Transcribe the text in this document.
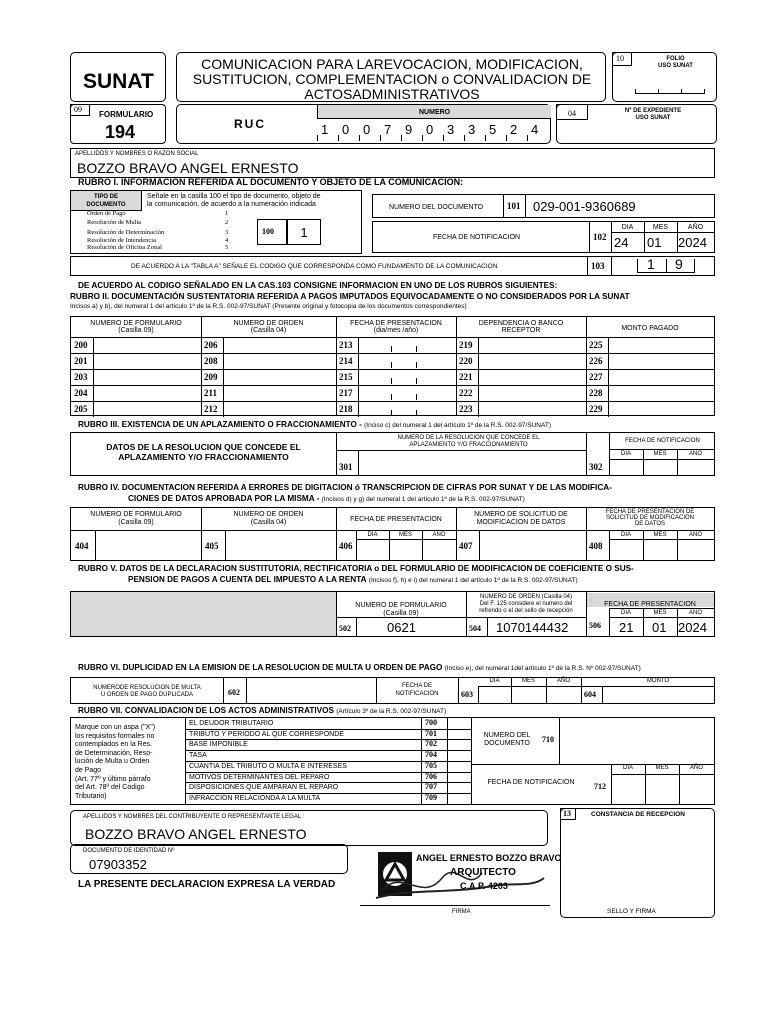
SUNAT
09
FORMULARIO
194
COMUNICACION PARA LAREVOCACION, MODIFICACION,
SUSTITUCION, COMPLEMENTACION o CONVALIDACION DE
ACTOSADMINISTRATIVOS
10	FOLIO
USO SUNAT
RUC
NUMERO
1 0 0 7 9 0 3 3 5 2 4
04	Nº DE EXPEDIENTE
USO SUNAT
APELLIDOS Y NOMBRES O RAZON SOCIAL
BOZZO BRAVO ANGEL ERNESTO
RUBRO I. INFORMACION REFERIDA AL DOCUMENTO Y OBJETO DE LA COMUNICACION:
TIPO DE
DOCUMENTO
Señale en la casilla 100 el tipo de documento, objeto de
la comunicación, de acuerdo a la numeración indicada
Orden de Pago	1
Resolución de Multa	2
Resolución de Determinación	3
Resolución de Intendencia	4
Resolución de Oficina Zonal	5
100	1
NUMERO DEL DOCUMENTO	101 029-001-9360689
FECHA DE NOTIFICACION	102
DIA	MES	AÑO
24 01 2024
DE ACUERDO A LA "TABLA A" SEÑALE EL CODIGO QUE CORRESPONDA COMO FUNDAMENTO DE LA COMUNICACION	103	1 9
DE ACUERDO AL CODIGO SEÑALADO EN LA CAS.103 CONSIGNE INFORMACION EN UNO DE LOS RUBROS SIGUIENTES:
RUBRO II. DOCUMENTACIÓN SUSTENTATORIA REFERIDA A PAGOS IMPUTADOS EQUIVOCADAMENTE O NO CONSIDERADOS POR LA SUNAT
Incisos a) y b), del numeral 1 del artículo 1º de la R.S. 002-97/SUNAT (Presente original y fotocopia de los documentos correspondientes)
NUMERO DE FORMULARIO
(Casilla 09)
NUMERO DE ORDEN
(Casilla 04)
FECHA DE PRESENTACION
(dia/mes /año)
DEPENDENCIA O BANCO
RECEPTOR	MONTO PAGADO
200	206	213	219	225
201	208	214	220	226
203	209	215	221	227
204	211	217	222	228
205	212	218	223	229
RUBRO III. EXISTENCIA DE UN APLAZAMIENTO O FRACCIONAMIENTO - (Inciso c) del numeral 1 del artículo 1º de la R.S. 002-97/SUNAT)
DATOS DE LA RESOLUCION QUE CONCEDE EL
APLAZAMIENTO Y/O FRACCIONAMIENTO
NUMERO DE LA RESOLUCION QUE CONCEDE EL
APLAZAMIENTO Y/O FRACCIONAMIENTO
301
FECHA DE NOTIFICACION
302
DIA	MES	AÑO
RUBRO IV. DOCUMENTACION REFERIDA A ERRORES DE DIGITACION ó TRANSCRIPCION DE CIFRAS POR SUNAT Y DE LAS MODIFICA-
CIONES DE DATOS APROBADA POR LA MISMA - (Incisos d) y g) del numeral 1 del artículo 1º de la R.S. 002-97/SUNAT)
NUMERO DE FORMULARIO
(Casilla 09)
NUMERO DE ORDEN
(Casilla 04)	FECHA DE PRESENTACION
NUMERO DE SOLICITUD DE
MODIFICACION DE DATOS
FECHA DE PRESENTACION DE
SOLICITUD DE MODIFICACION
DE DATOS
DIA	MES	AÑO	DIA	MES	AÑO
404	405	406	407	408
RUBRO V. DATOS DE LA DECLARACION SUSTITUTORIA, RECTIFICATORIA o DEL FORMULARIO DE MODIFICACION DE COEFICIENTE O SUS-
PENSION DE PAGOS A CUENTA DEL IMPUESTO A LA RENTA (Incisos f), h) e i) del numeral 1 del artículo 1º de la R.S. 002-97/SUNAT)
NUMERO DE FORMULARIO
(Casilla 09)
NUMERO DE ORDEN (Casilla 04)
Del F. 125 considere el numero del
refrendo o el del sello de recepción
FECHA DE PRESENTACION
DIA	MES	AÑO
502	0621	504 1070144432	506 21 01 2024
RUBRO VI. DUPLICIDAD EN LA EMISION DE LA RESOLUCION DE MULTA U ORDEN DE PAGO (Inciso e), del numeral 1del artículo 1º de la R.S. Nº 002-97/SUNAT)
NUMERODE RESOLUCION DE MULTA
U ORDEN DE PAGO DUPLICADA	602
FECHA DE
NOTIFICACION	603
DIA	MES	AÑO
604
MONTO
RUBRO VII. CONVALIDACION DE LOS ACTOS ADMINISTRATIVOS (Artículo 3º de la R.S. 002-97/SUNAT)
Marque con un aspa ("X")
los requisitos formales no
contemplados en la Res.
de Determinación, Reso-
lución de Multa u Orden
de Pago
(Art. 77º y último párrafo
del Art. 78º del Codigo
Tributario)
EL DEUDOR TRIBUTARIO	700
TRIBUTO Y PERIODO AL QUE CORRESPONDE	701
BASE IMPONIBLE	702
TASA	704
CUANTIA DEL TRIBUTO O MULTA E INTERESES	705
MOTIVOS DETERMINANTES DEL REPARO	706
DISPOSICIONES QUE AMPARAN EL REPARO	707
INFRACCION RELACIONDA A LA MULTA	709
NUMERO DEL
DOCUMENTO	710
FECHA DE NOTIFICACION	712
DIA	MES	AÑO
APELLIDOS Y NOMBRES DEL CONTRIBUYENTE O REPRESENTANTE LEGAL :
BOZZO BRAVO ANGEL ERNESTO
DOCUMENTO DE IDENTIDAD Nº
07903352
LA PRESENTE DECLARACION EXPRESA LA VERDAD
ANGEL ERNESTO BOZZO BRAVO
ARQUITECTO
C.A.P. 4203
FIRMA
13	CONSTANCIA DE RECEPCION
SELLO Y FIRMA
